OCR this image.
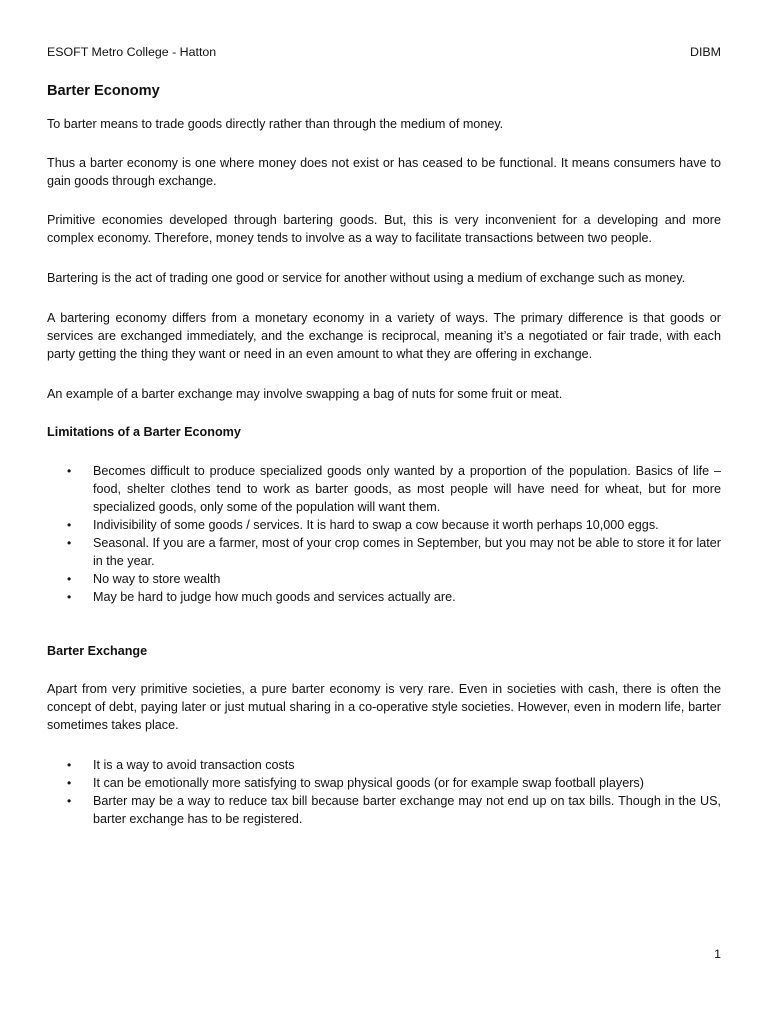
ESOFT Metro College - Hatton	DIBM
Barter Economy

To barter means to trade goods directly rather than through the medium of money.

Thus a barter economy is one where money does not exist or has ceased to be functional. It means consumers have to gain goods through exchange.

Primitive economies developed through bartering goods. But, this is very inconvenient for a developing and more complex economy. Therefore, money tends to involve as a way to facilitate transactions between two people.

Bartering is the act of trading one good or service for another without using a medium of exchange such as money.

A bartering economy differs from a monetary economy in a variety of ways. The primary difference is that goods or services are exchanged immediately, and the exchange is reciprocal, meaning it’s a negotiated or fair trade, with each party getting the thing they want or need in an even amount to what they are offering in exchange.

An example of a barter exchange may involve swapping a bag of nuts for some fruit or meat.

Limitations of a Barter Economy
• Becomes difficult to produce specialized goods only wanted by a proportion of the population. Basics of life – food, shelter clothes tend to work as barter goods, as most people will have need for wheat, but for more specialized goods, only some of the population will want them.
• Indivisibility of some goods / services. It is hard to swap a cow because it worth perhaps 10,000 eggs.
• Seasonal. If you are a farmer, most of your crop comes in September, but you may not be able to store it for later in the year.
• No way to store wealth
• May be hard to judge how much goods and services actually are.
Barter Exchange

Apart from very primitive societies, a pure barter economy is very rare. Even in societies with cash, there is often the concept of debt, paying later or just mutual sharing in a co-operative style societies. However, even in modern life, barter sometimes takes place.

• It is a way to avoid transaction costs
• It can be emotionally more satisfying to swap physical goods (or for example swap football players)
• Barter may be a way to reduce tax bill because barter exchange may not end up on tax bills. Though in the US, barter exchange has to be registered.
1
